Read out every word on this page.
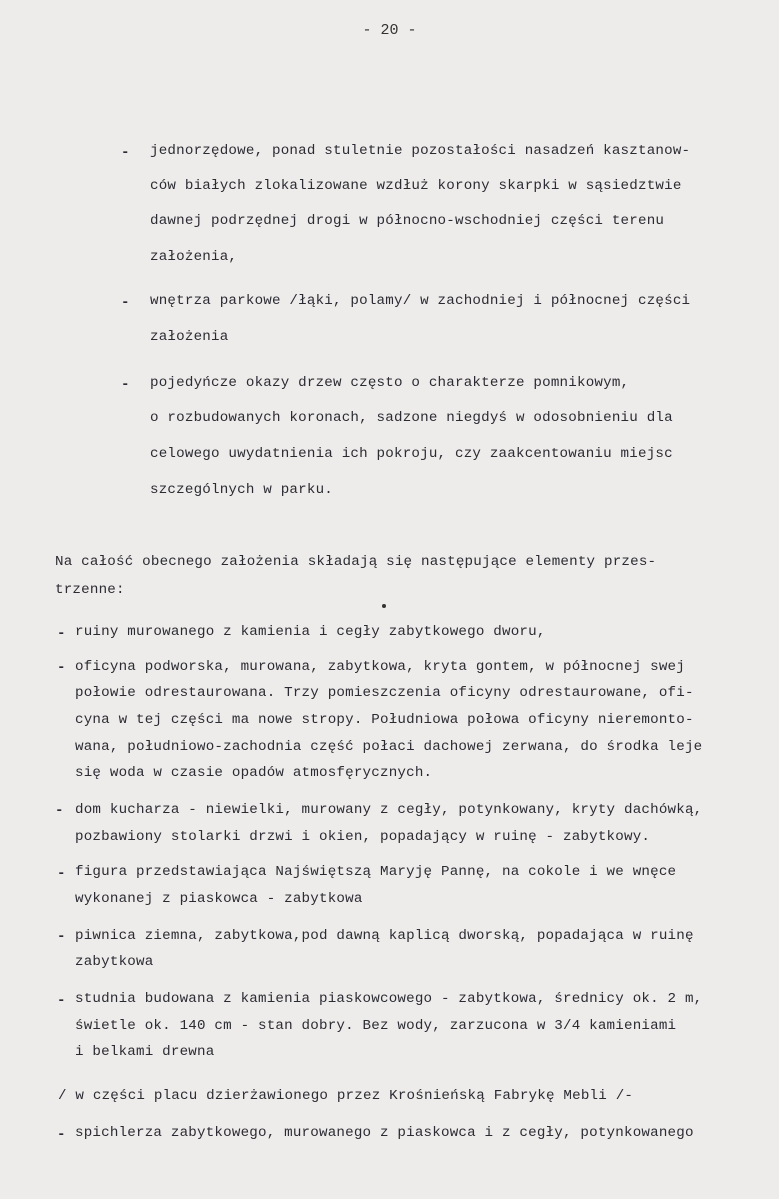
- 20 -
- jednorzędowe, ponad stuletnie pozostałości nasadzeń kasztanow-
ców białych zlokalizowane wzdłuż korony skarpki w sąsiedztwie
dawnej podrzędnej drogi w północno-wschodniej części terenu
założenia,
- wnętrza parkowe /łąki, polamy/ w zachodniej i północnej części
założenia
- pojedyńcze okazy drzew często o charakterze pomnikowym,
o rozbudowanych koronach, sadzone niegdyś w odosobnieniu dla
celowego uwydatnienia ich pokroju, czy zaakcentowaniu miejsc
szczególnych w parku.
Na całość obecnego założenia składają się następujące elementy przes-
trzenne:
- ruiny murowanego z kamienia i cegły zabytkowego dworu,
- oficyna podworska, murowana, zabytkowa, kryta gontem, w północnej swej
połowie odrestaurowana. Trzy pomieszczenia oficyny odrestaurowane, ofi-
cyna w tej części ma nowe stropy. Południowa połowa oficyny nieremonto-
wana, południowo-zachodnia część połaci dachowej zerwana, do środka leje
się woda w czasie opadów atmosfęrycznych.
- dom kucharza - niewielki, murowany z cegły, potynkowany, kryty dachówką,
pozbawiony stolarki drzwi i okien, popadający w ruinę - zabytkowy.
- figura przedstawiająca Najświętszą Maryję Pannę, na cokole i we wnęce
wykonanej z piaskowca - zabytkowa
- piwnica ziemna, zabytkowa,pod dawną kaplicą dworską, popadająca w ruinę
zabytkowa
- studnia budowana z kamienia piaskowcowego - zabytkowa, średnicy ok. 2 m,
świetle ok. 140 cm - stan dobry. Bez wody, zarzucona w 3/4 kamieniami
i belkami drewna
/ w części placu dzierżawionego przez Krośnieńską Fabrykę Mebli /-
- spichlerza zabytkowego, murowanego z piaskowca i z cegły, potynkowanego
